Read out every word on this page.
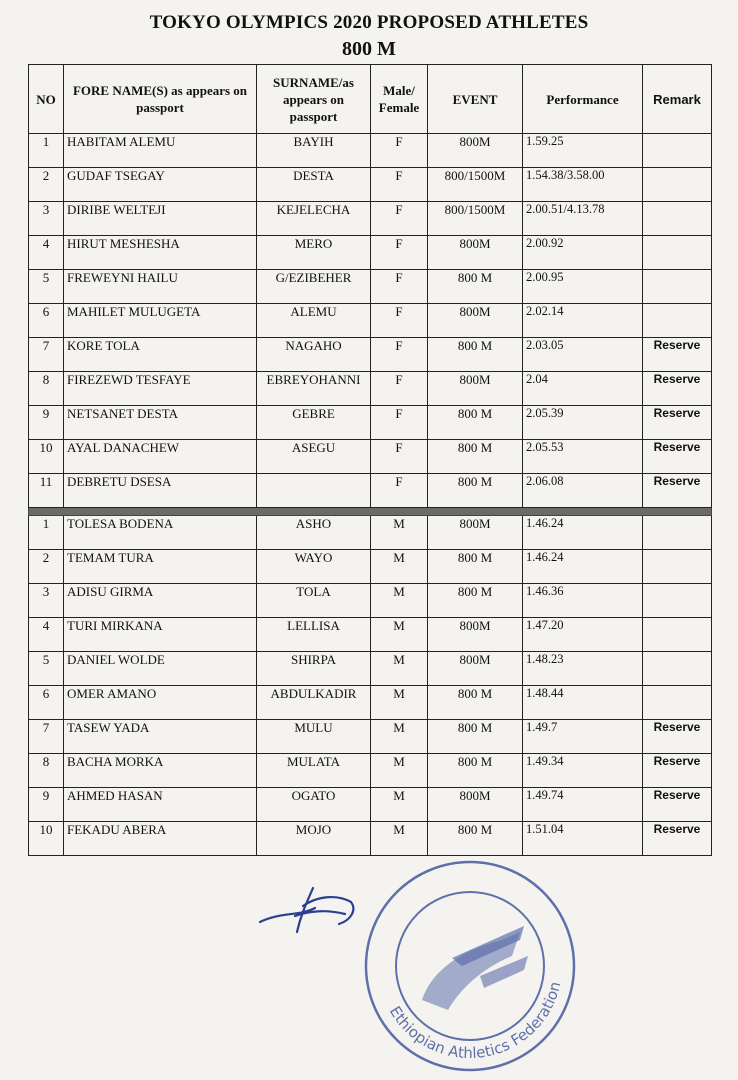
TOKYO OLYMPICS 2020 PROPOSED ATHLETES
800 M
NO	FORE NAME(S) as appears on passport	SURNAME/as appears on passport	Male/ Female	EVENT	Performance	Remark
1	HABITAM ALEMU	BAYIH	F	800M	1.59.25	
2	GUDAF TSEGAY	DESTA	F	800/1500M	1.54.38/3.58.00	
3	DIRIBE WELTEJI	KEJELECHA	F	800/1500M	2.00.51/4.13.78	
4	HIRUT MESHESHA	MERO	F	800M	2.00.92	
5	FREWEYNI HAILU	G/EZIBEHER	F	800 M	2.00.95	
6	MAHILET MULUGETA	ALEMU	F	800M	2.02.14	
7	KORE TOLA	NAGAHO	F	800 M	2.03.05	Reserve
8	FIREZEWD TESFAYE	EBREYOHANNI	F	800M	2.04	Reserve
9	NETSANET DESTA	GEBRE	F	800 M	2.05.39	Reserve
10	AYAL DANACHEW	ASEGU	F	800 M	2.05.53	Reserve
11	DEBRETU DSESA		F	800 M	2.06.08	Reserve

1	TOLESA BODENA	ASHO	M	800M	1.46.24	
2	TEMAM TURA	WAYO	M	800 M	1.46.24	
3	ADISU GIRMA	TOLA	M	800 M	1.46.36	
4	TURI MIRKANA	LELLISA	M	800M	1.47.20	
5	DANIEL WOLDE	SHIRPA	M	800M	1.48.23	
6	OMER AMANO	ABDULKADIR	M	800 M	1.48.44	
7	TASEW YADA	MULU	M	800 M	1.49.7	Reserve
8	BACHA MORKA	MULATA	M	800 M	1.49.34	Reserve
9	AHMED HASAN	OGATO	M	800M	1.49.74	Reserve
10	FEKADU ABERA	MOJO	M	800 M	1.51.04	Reserve
Ethiopian Athletics Federation
